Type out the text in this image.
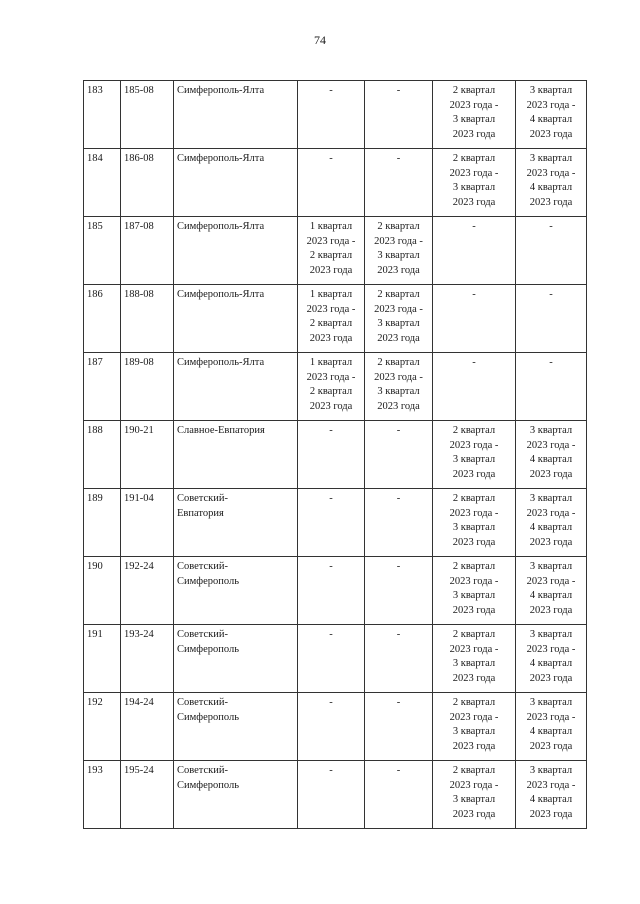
74
183	185-08	Симферополь-Ялта	-	-	2 квартал
2023 года -
3 квартал
2023 года	3 квартал
2023 года -
4 квартал
2023 года

184	186-08	Симферополь-Ялта	-	-	2 квартал
2023 года -
3 квартал
2023 года	3 квартал
2023 года -
4 квартал
2023 года

185	187-08	Симферополь-Ялта	1 квартал
2023 года -
2 квартал
2023 года	2 квартал
2023 года -
3 квартал
2023 года	-	-

186	188-08	Симферополь-Ялта	1 квартал
2023 года -
2 квартал
2023 года	2 квартал
2023 года -
3 квартал
2023 года	-	-

187	189-08	Симферополь-Ялта	1 квартал
2023 года -
2 квартал
2023 года	2 квартал
2023 года -
3 квартал
2023 года	-	-

188	190-21	Славное-Евпатория	-	-	2 квартал
2023 года -
3 квартал
2023 года	3 квартал
2023 года -
4 квартал
2023 года

189	191-04	Советский-
Евпатория	-	-	2 квартал
2023 года -
3 квартал
2023 года	3 квартал
2023 года -
4 квартал
2023 года

190	192-24	Советский-
Симферополь	-	-	2 квартал
2023 года -
3 квартал
2023 года	3 квартал
2023 года -
4 квартал
2023 года

191	193-24	Советский-
Симферополь	-	-	2 квартал
2023 года -
3 квартал
2023 года	3 квартал
2023 года -
4 квартал
2023 года

192	194-24	Советский-
Симферополь	-	-	2 квартал
2023 года -
3 квартал
2023 года	3 квартал
2023 года -
4 квартал
2023 года

193	195-24	Советский-
Симферополь	-	-	2 квартал
2023 года -
3 квартал
2023 года	3 квартал
2023 года -
4 квартал
2023 года
